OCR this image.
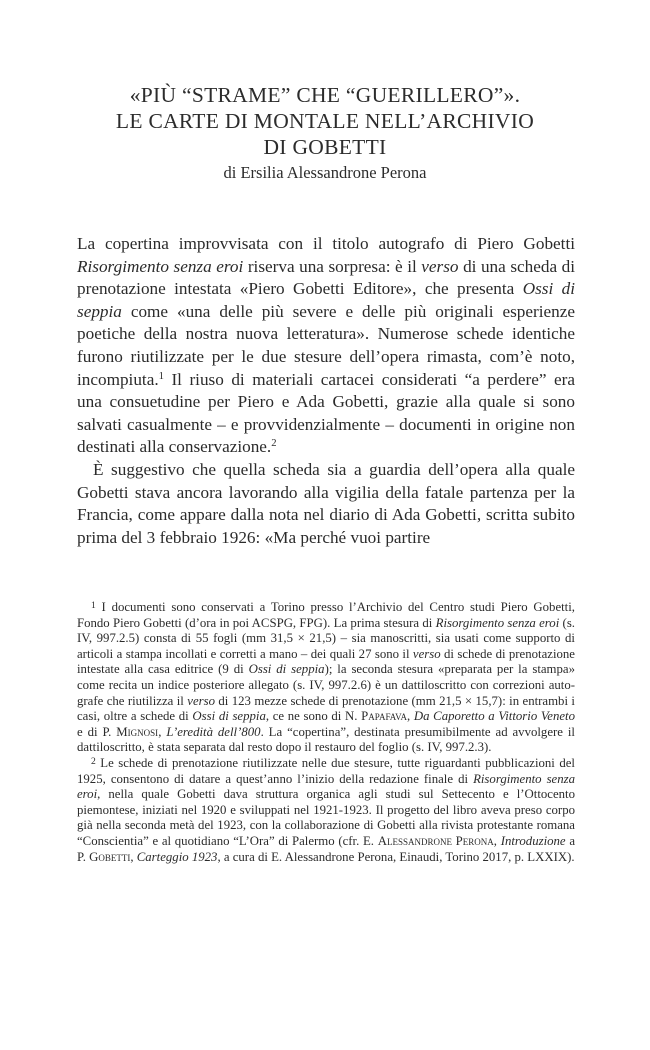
«PIÙ “STRAME” CHE “GUERILLERO”».
LE CARTE DI MONTALE NELL’ARCHIVIO
DI GOBETTI
di Ersilia Alessandrone Perona

La copertina improvvisata con il titolo autografo di Piero Gobetti Risorgimento senza eroi riserva una sorpresa: è il verso di una scheda di prenotazione intestata «Piero Gobetti Editore», che presenta Ossi di seppia come «una delle più severe e delle più originali esperienze poetiche della nostra nuova letteratura». Numerose schede identiche furono riutilizzate per le due stesure dell’opera rimasta, com’è noto, incompiuta.$^1$ Il riuso di materiali cartacei considerati “a perdere” era una consuetudine per Piero e Ada Gobetti, grazie alla quale si sono salvati casualmente – e provvidenzialmente – documenti in origine non destinati alla conservazione.$^2$

È suggestivo che quella scheda sia a guardia dell’opera alla quale Gobetti stava ancora lavorando alla vigilia della fatale partenza per la Francia, come appare dalla nota nel diario di Ada Gobetti, scritta subito prima del 3 febbraio 1926: «Ma perché vuoi partire

$^1$ I documenti sono conservati a Torino presso l’Archivio del Centro studi Piero Gobetti, Fondo Piero Gobetti (d’ora in poi ACSPG, FPG). La prima stesura di Risorgimento senza eroi (s. IV, 997.2.5) consta di 55 fogli (mm 31,5 × 21,5) – sia manoscritti, sia usati come supporto di articoli a stampa incollati e corretti a mano – dei quali 27 sono il verso di schede di prenotazione intestate alla casa editrice (9 di Ossi di seppia); la seconda stesura «preparata per la stampa» come recita un indice posteriore allegato (s. IV, 997.2.6) è un dattiloscritto con correzioni autografe che riutilizza il verso di 123 mezze schede di prenotazione (mm 21,5 × 15,7): in entrambi i casi, oltre a schede di Ossi di seppia, ce ne sono di N. Papafava, Da Caporetto a Vittorio Veneto e di P. Mignosi, L’eredità dell’800. La “copertina”, destinata presumibilmente ad avvolgere il dattiloscritto, è stata separata dal resto dopo il restauro del foglio (s. IV, 997.2.3).

$^2$ Le schede di prenotazione riutilizzate nelle due stesure, tutte riguardanti pubblicazioni del 1925, consentono di datare a quest’anno l’inizio della redazione finale di Risorgimento senza eroi, nella quale Gobetti dava struttura organica agli studi sul Settecento e l’Ottocento piemontese, iniziati nel 1920 e sviluppati nel 1921-1923. Il progetto del libro aveva preso corpo già nella seconda metà del 1923, con la collaborazione di Gobetti alla rivista protestante romana “Conscientia” e al quotidiano “L’Ora” di Palermo (cfr. E. Alessandrone Perona, Introduzione a P. Gobetti, Carteggio 1923, a cura di E. Alessandrone Perona, Einaudi, Torino 2017, p. LXXIX).
